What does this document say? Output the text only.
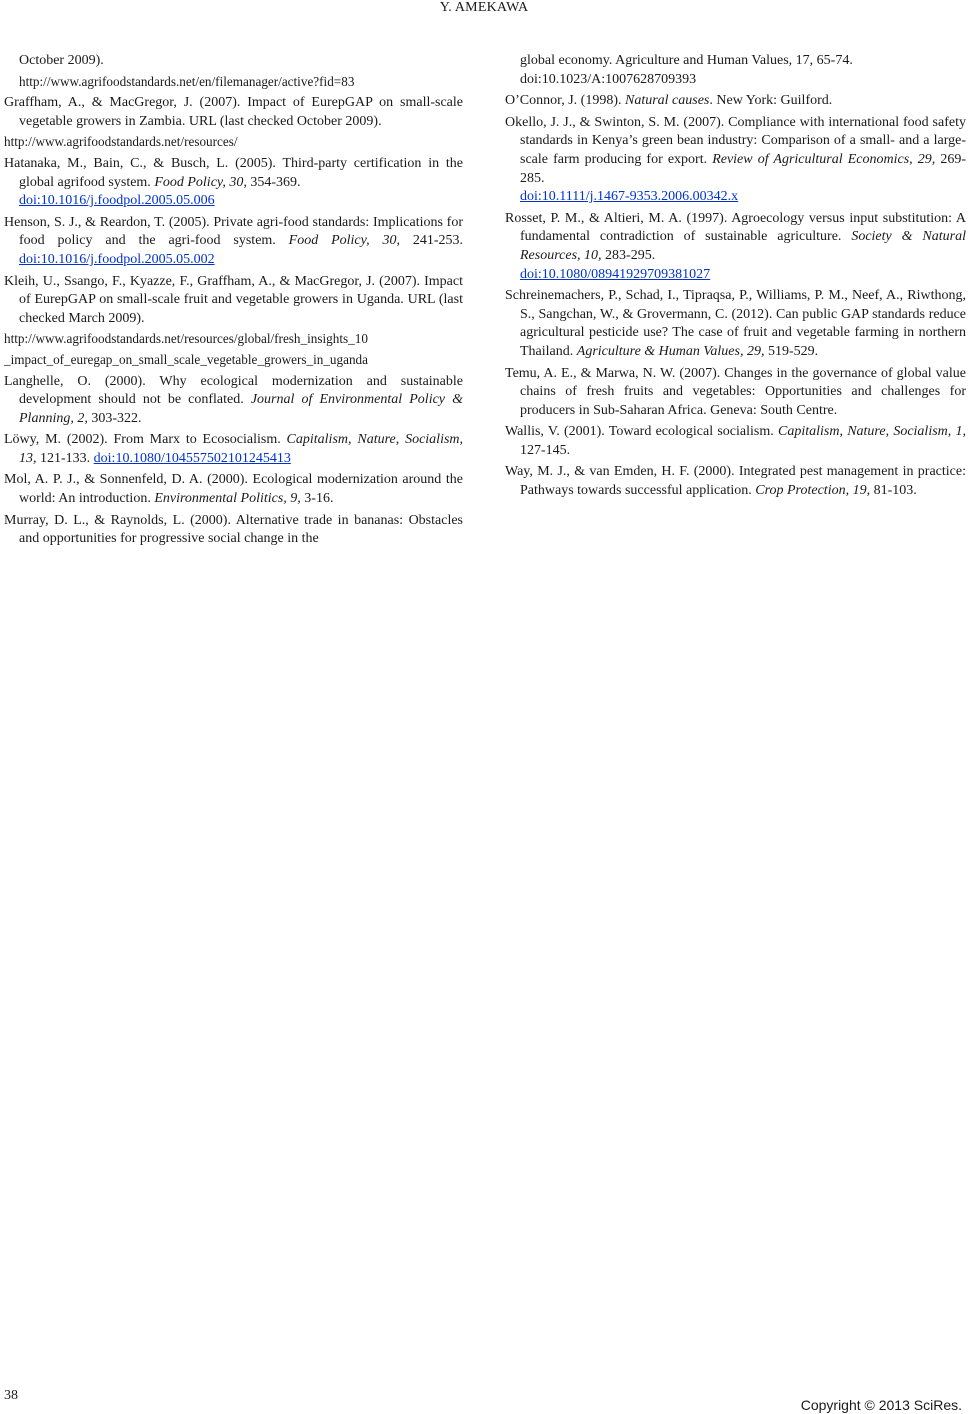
Y. AMEKAWA
October 2009).
http://www.agrifoodstandards.net/en/filemanager/active?fid=83
Graffham, A., & MacGregor, J. (2007). Impact of EurepGAP on small-scale vegetable growers in Zambia. URL (last checked October 2009).
http://www.agrifoodstandards.net/resources/
Hatanaka, M., Bain, C., & Busch, L. (2005). Third-party certification in the global agrifood system. Food Policy, 30, 354-369.
doi:10.1016/j.foodpol.2005.05.006
Henson, S. J., & Reardon, T. (2005). Private agri-food standards: Implications for food policy and the agri-food system. Food Policy, 30, 241-253. doi:10.1016/j.foodpol.2005.05.002
Kleih, U., Ssango, F., Kyazze, F., Graffham, A., & MacGregor, J. (2007). Impact of EurepGAP on small-scale fruit and vegetable growers in Uganda. URL (last checked March 2009).
http://www.agrifoodstandards.net/resources/global/fresh_insights_10
_impact_of_euregap_on_small_scale_vegetable_growers_in_uganda
Langhelle, O. (2000). Why ecological modernization and sustainable development should not be conflated. Journal of Environmental Policy & Planning, 2, 303-322.
Löwy, M. (2002). From Marx to Ecosocialism. Capitalism, Nature, Socialism, 13, 121-133. doi:10.1080/104557502101245413
Mol, A. P. J., & Sonnenfeld, D. A. (2000). Ecological modernization around the world: An introduction. Environmental Politics, 9, 3-16.
Murray, D. L., & Raynolds, L. (2000). Alternative trade in bananas: Obstacles and opportunities for progressive social change in the
global economy. Agriculture and Human Values, 17, 65-74.
doi:10.1023/A:1007628709393
O’Connor, J. (1998). Natural causes. New York: Guilford.
Okello, J. J., & Swinton, S. M. (2007). Compliance with international food safety standards in Kenya’s green bean industry: Comparison of a small- and a large-scale farm producing for export. Review of Agricultural Economics, 29, 269-285.
doi:10.1111/j.1467-9353.2006.00342.x
Rosset, P. M., & Altieri, M. A. (1997). Agroecology versus input substitution: A fundamental contradiction of sustainable agriculture. Society & Natural Resources, 10, 283-295.
doi:10.1080/08941929709381027
Schreinemachers, P., Schad, I., Tipraqsa, P., Williams, P. M., Neef, A., Riwthong, S., Sangchan, W., & Grovermann, C. (2012). Can public GAP standards reduce agricultural pesticide use? The case of fruit and vegetable farming in northern Thailand. Agriculture & Human Values, 29, 519-529.
Temu, A. E., & Marwa, N. W. (2007). Changes in the governance of global value chains of fresh fruits and vegetables: Opportunities and challenges for producers in Sub-Saharan Africa. Geneva: South Centre.
Wallis, V. (2001). Toward ecological socialism. Capitalism, Nature, Socialism, 1, 127-145.
Way, M. J., & van Emden, H. F. (2000). Integrated pest management in practice: Pathways towards successful application. Crop Protection, 19, 81-103.
38
Copyright © 2013 SciRes.
